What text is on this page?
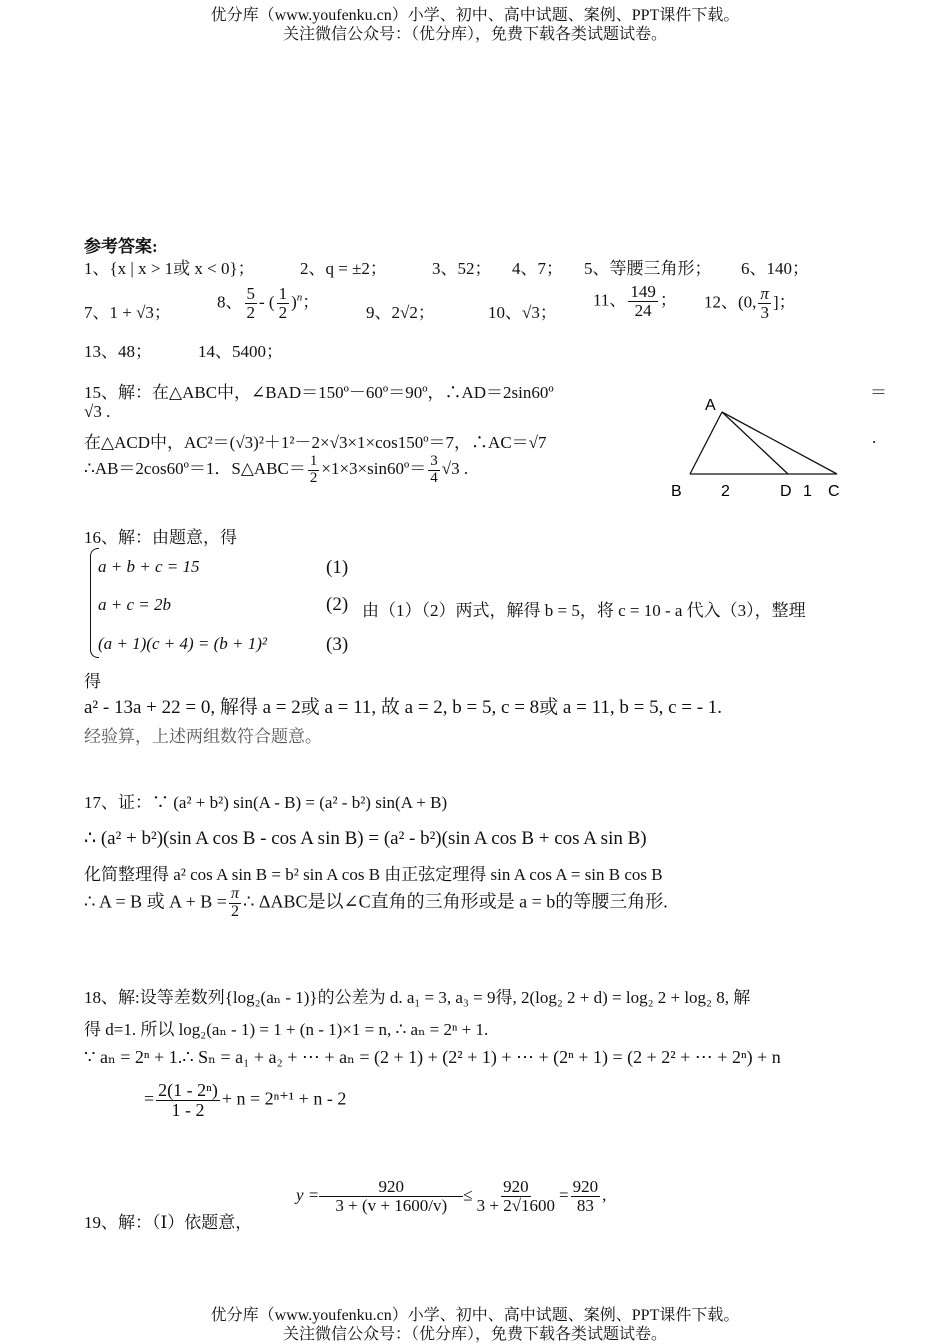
优分库（www.youfenku.cn）小学、初中、高中试题、案例、PPT课件下载。
关注微信公众号：（优分库），免费下载各类试题试卷。
参考答案:
1、{x | x > 1或 x < 0}；	2、q = ±2；	3、52； 4、7； 5、等腰三角形； 6、140；
7、1 + √3；
8、 $\frac{5}{2}$ - ( $\frac{1}{2} )^n$；
9、2√2；	10、√3；
11、 $\frac{149}{24}$ ； 12、(0, $\frac{\pi}{3}$ ]；
13、48；	14、5400；
15、解：在△ABC中，∠BAD＝150º－60º＝90º，∴AD＝2sin60º	＝
√3 .
在△ACD中，AC²＝(√3)²＋1²－2×√3×1×cos150º＝7，∴AC＝√7	.
∴AB＝2cos60º＝1．S△ABC＝ $\frac{1}{2}$ ×1×3×sin60º＝ $\frac{3}{4} √3$ .
A
B 2	D 1 C
16、解：由题意，得
a + b + c = 15
a + c = 2b
(a + 1)(c + 4) = (b + 1)²
(1)
(2)
(3)
由（1）（2）两式，解得 b = 5，将 c = 10 - a 代入（3），整理
得
a² - 13a + 22 = 0, 解得 a = 2或 a = 11, 故 a = 2, b = 5, c = 8或 a = 11, b = 5, c = - 1.
经验算，上述两组数符合题意。
17、证：∵ (a² + b²) sin(A - B) = (a² - b²) sin(A + B)
∴ (a² + b²)(sin A cos B - cos A sin B) = (a² - b²)(sin A cos B + cos A sin B)
化简整理得 a² cos A sin B = b² sin A cos B 由正弦定理得 sin A cos A = sin B cos B
∴ A = B 或 $A + B = \frac{\pi}{2}$ ∴ ΔABC是以∠C直角的三角形或是 a = b的等腰三角形.
18、解:设等差数列{log₂(aₙ - 1)}的公差为 d. a₁ = 3, a₃ = 9得, 2(log₂ 2 + d) = log₂ 2 + log₂ 8, 解
得 d=1. 所以 log₂(aₙ - 1) = 1 + (n - 1)×1 = n, ∴ aₙ = 2ⁿ + 1.
∵ aₙ = 2ⁿ + 1.∴ Sₙ = a₁ + a₂ + ⋯ + aₙ = (2 + 1) + (2² + 1) + ⋯ + (2ⁿ + 1) = (2 + 2² + ⋯ + 2ⁿ) + n
= $\frac{\text{2(1 - 2ⁿ)}}{1 - 2} + n = 2^{n+1} + n - 2$
19、解：（Ⅰ）依题意，
$y = \frac{920}{3 + (v + 1600/v)} \le \frac{920}{3 + 2√1600} = \frac{920}{83}$ ,
优分库（www.youfenku.cn）小学、初中、高中试题、案例、PPT课件下载。
关注微信公众号：（优分库），免费下载各类试题试卷。
